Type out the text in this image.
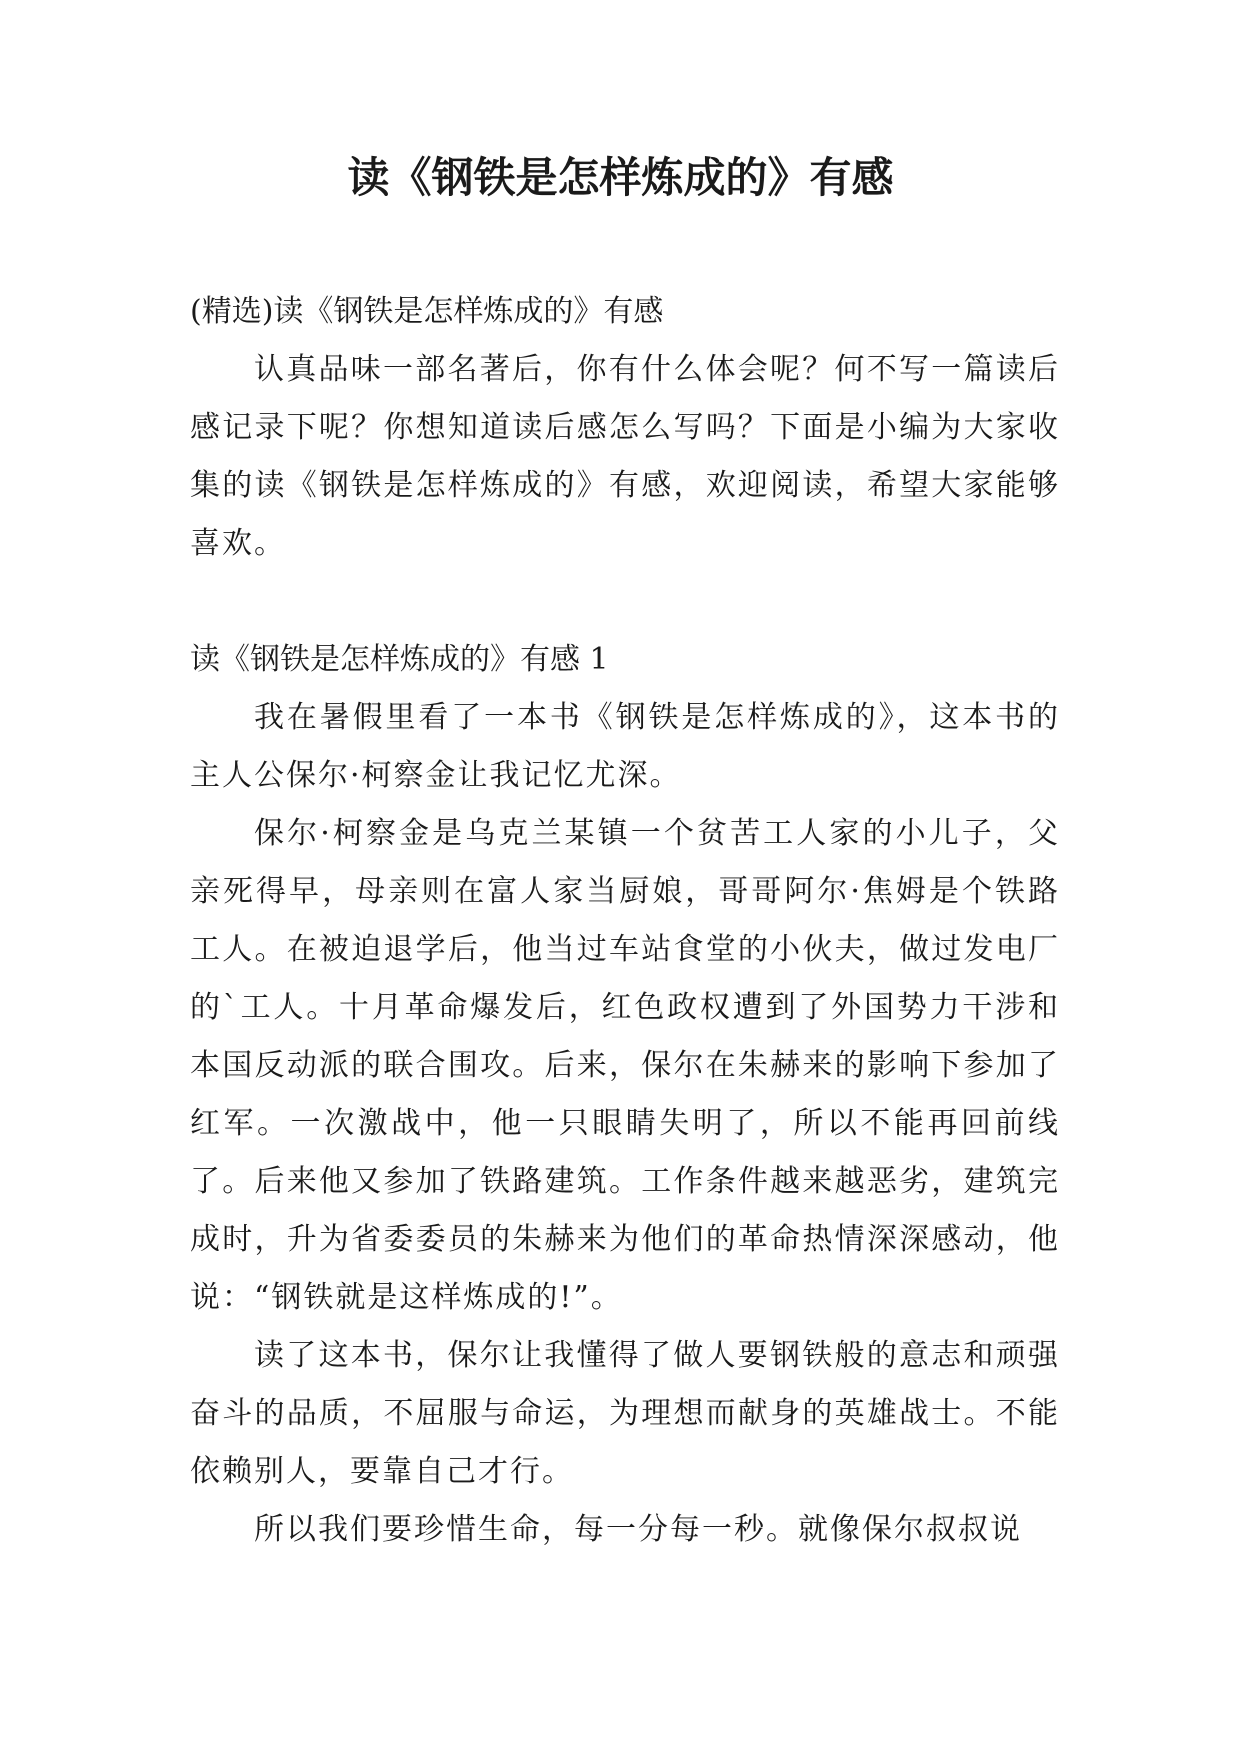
读《钢铁是怎样炼成的》有感

(精选)读《钢铁是怎样炼成的》有感

认真品味一部名著后，你有什么体会呢？何不写一篇读后感记录下呢？你想知道读后感怎么写吗？下面是小编为大家收集的读《钢铁是怎样炼成的》有感，欢迎阅读，希望大家能够喜欢。

读《钢铁是怎样炼成的》有感 1

我在暑假里看了一本书《钢铁是怎样炼成的》，这本书的主人公保尔·柯察金让我记忆尤深。

保尔·柯察金是乌克兰某镇一个贫苦工人家的小儿子，父亲死得早，母亲则在富人家当厨娘，哥哥阿尔·焦姆是个铁路工人。在被迫退学后，他当过车站食堂的小伙夫，做过发电厂的`工人。十月革命爆发后，红色政权遭到了外国势力干涉和本国反动派的联合围攻。后来，保尔在朱赫来的影响下参加了红军。一次激战中，他一只眼睛失明了，所以不能再回前线了。后来他又参加了铁路建筑。工作条件越来越恶劣，建筑完成时，升为省委委员的朱赫来为他们的革命热情深深感动，他说：“钢铁就是这样炼成的!”。

读了这本书，保尔让我懂得了做人要钢铁般的意志和顽强奋斗的品质，不屈服与命运，为理想而献身的英雄战士。不能依赖别人，要靠自己才行。

所以我们要珍惜生命，每一分每一秒。就像保尔叔叔说
